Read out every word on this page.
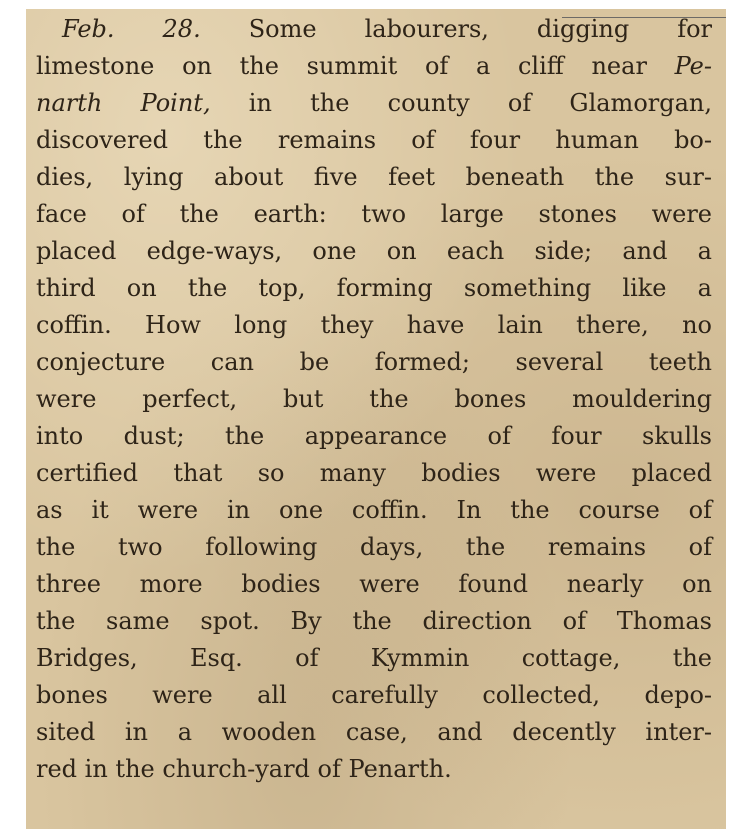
Feb. 28. Some labourers, digging for
limestone on the summit of a cliff near Pe-
narth Point, in the county of Glamorgan,
discovered the remains of four human bo-
dies, lying about five feet beneath the sur-
face of the earth: two large stones were
placed edge-ways, one on each side; and a
third on the top, forming something like a
coffin. How long they have lain there, no
conjecture can be formed; several teeth
were perfect, but the bones mouldering
into dust; the appearance of four skulls
certified that so many bodies were placed
as it were in one coffin. In the course of
the two following days, the remains of
three more bodies were found nearly on
the same spot. By the direction of Thomas
Bridges, Esq. of Kymmin cottage, the
bones were all carefully collected, depo-
sited in a wooden case, and decently inter-
red in the church-yard of Penarth.
